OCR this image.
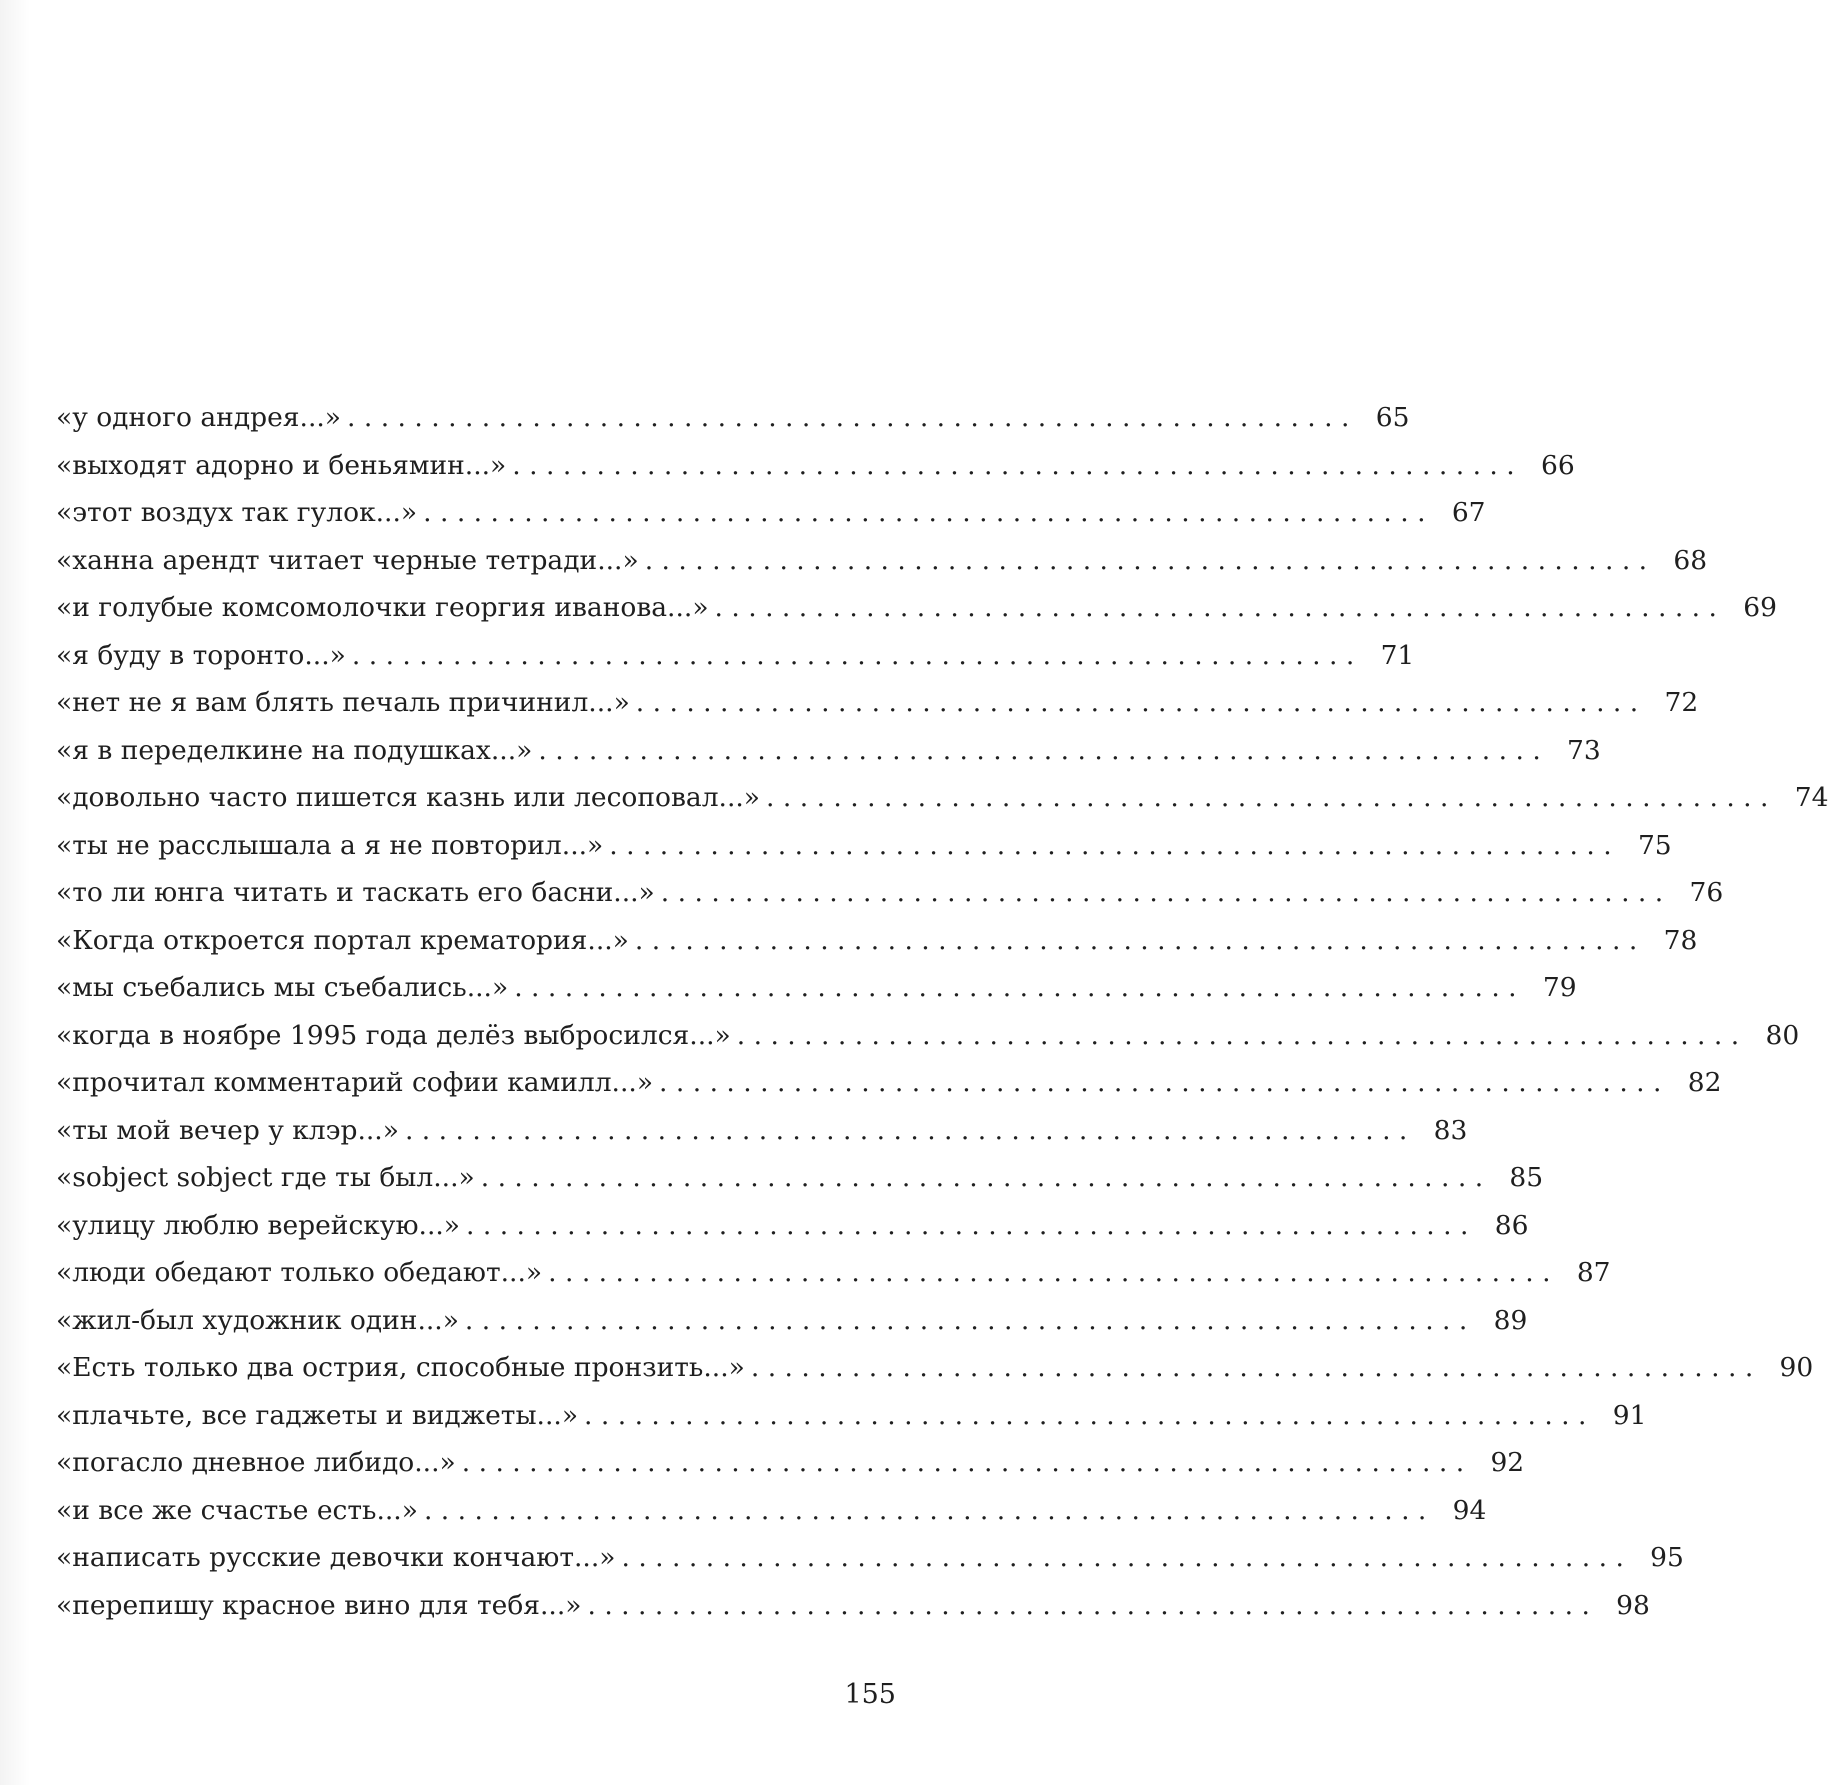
«у одного андрея...» . . . . . . . . . . . . . . . . . . . . . . . . . . . . . . . . . . . . . . . . . . . . . . . . . . . . . . . . . . . . 65
«выходят адорно и беньямин...» . . . . . . . . . . . . . . . . . . . . . . . . . . . . . . . . . . . . . . . . . . . . . . . . . . . . . . . . . . . . 66
«этот воздух так гулок...» . . . . . . . . . . . . . . . . . . . . . . . . . . . . . . . . . . . . . . . . . . . . . . . . . . . . . . . . . . . . 67
«ханна арендт читает черные тетради...» . . . . . . . . . . . . . . . . . . . . . . . . . . . . . . . . . . . . . . . . . . . . . . . . . . . . . . . . . . . . 68
«и голубые комсомолочки георгия иванова...» . . . . . . . . . . . . . . . . . . . . . . . . . . . . . . . . . . . . . . . . . . . . . . . . . . . . . . . . . . . . 69
«я буду в торонто...» . . . . . . . . . . . . . . . . . . . . . . . . . . . . . . . . . . . . . . . . . . . . . . . . . . . . . . . . . . . . 71
«нет не я вам блять печаль причинил...» . . . . . . . . . . . . . . . . . . . . . . . . . . . . . . . . . . . . . . . . . . . . . . . . . . . . . . . . . . . . 72
«я в переделкине на подушках...» . . . . . . . . . . . . . . . . . . . . . . . . . . . . . . . . . . . . . . . . . . . . . . . . . . . . . . . . . . . . 73
«довольно часто пишется казнь или лесоповал...» . . . . . . . . . . . . . . . . . . . . . . . . . . . . . . . . . . . . . . . . . . . . . . . . . . . . . . . . . . . . 74
«ты не расслышала а я не повторил...» . . . . . . . . . . . . . . . . . . . . . . . . . . . . . . . . . . . . . . . . . . . . . . . . . . . . . . . . . . . . 75
«то ли юнга читать и таскать его басни...» . . . . . . . . . . . . . . . . . . . . . . . . . . . . . . . . . . . . . . . . . . . . . . . . . . . . . . . . . . . . 76
«Когда откроется портал крематория...» . . . . . . . . . . . . . . . . . . . . . . . . . . . . . . . . . . . . . . . . . . . . . . . . . . . . . . . . . . . . 78
«мы съебались мы съебались...» . . . . . . . . . . . . . . . . . . . . . . . . . . . . . . . . . . . . . . . . . . . . . . . . . . . . . . . . . . . . 79
«когда в ноябре 1995 года делёз выбросился...» . . . . . . . . . . . . . . . . . . . . . . . . . . . . . . . . . . . . . . . . . . . . . . . . . . . . . . . . . . . . 80
«прочитал комментарий софии камилл...» . . . . . . . . . . . . . . . . . . . . . . . . . . . . . . . . . . . . . . . . . . . . . . . . . . . . . . . . . . . . 82
«ты мой вечер у клэр...» . . . . . . . . . . . . . . . . . . . . . . . . . . . . . . . . . . . . . . . . . . . . . . . . . . . . . . . . . . . . 83
«sobject sobject где ты был...» . . . . . . . . . . . . . . . . . . . . . . . . . . . . . . . . . . . . . . . . . . . . . . . . . . . . . . . . . . . . 85
«улицу люблю верейскую...» . . . . . . . . . . . . . . . . . . . . . . . . . . . . . . . . . . . . . . . . . . . . . . . . . . . . . . . . . . . . 86
«люди обедают только обедают...» . . . . . . . . . . . . . . . . . . . . . . . . . . . . . . . . . . . . . . . . . . . . . . . . . . . . . . . . . . . . 87
«жил-был художник один...» . . . . . . . . . . . . . . . . . . . . . . . . . . . . . . . . . . . . . . . . . . . . . . . . . . . . . . . . . . . . 89
«Есть только два острия, способные пронзить...» . . . . . . . . . . . . . . . . . . . . . . . . . . . . . . . . . . . . . . . . . . . . . . . . . . . . . . . . . . . . 90
«плачьте, все гаджеты и виджеты...» . . . . . . . . . . . . . . . . . . . . . . . . . . . . . . . . . . . . . . . . . . . . . . . . . . . . . . . . . . . . 91
«погасло дневное либидо...» . . . . . . . . . . . . . . . . . . . . . . . . . . . . . . . . . . . . . . . . . . . . . . . . . . . . . . . . . . . . 92
«и все же счастье есть...» . . . . . . . . . . . . . . . . . . . . . . . . . . . . . . . . . . . . . . . . . . . . . . . . . . . . . . . . . . . . 94
«написать русские девочки кончают...» . . . . . . . . . . . . . . . . . . . . . . . . . . . . . . . . . . . . . . . . . . . . . . . . . . . . . . . . . . . . 95
«перепишу красное вино для тебя...» . . . . . . . . . . . . . . . . . . . . . . . . . . . . . . . . . . . . . . . . . . . . . . . . . . . . . . . . . . . . 98
155
